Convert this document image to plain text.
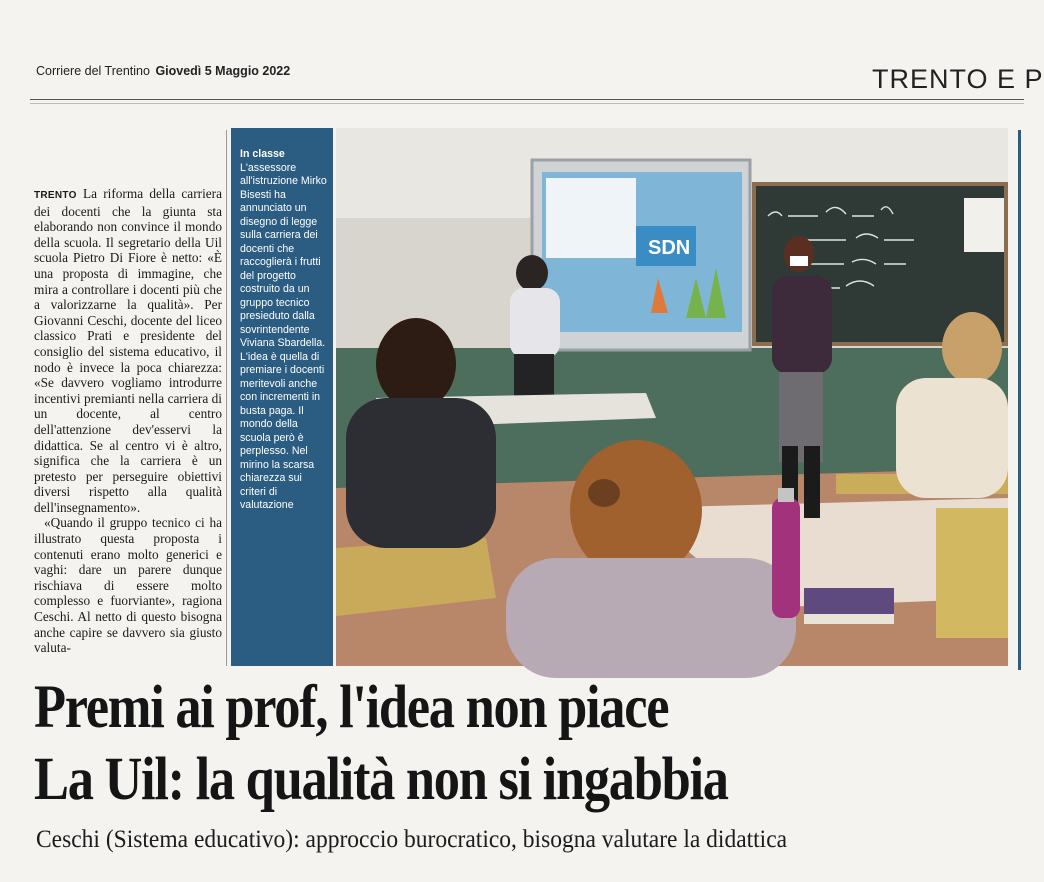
Corriere del Trentino Giovedì 5 Maggio 2022	TRENTO E P

TRENTO La riforma della carriera dei docenti che la giunta sta elaborando non convince il mondo della scuola. Il segretario della Uil scuola Pietro Di Fiore è netto: «È una proposta di immagine, che mira a controllare i docenti più che a valorizzarne la qualità». Per Giovanni Ceschi, docente del liceo classico Prati e presidente del consiglio del sistema educativo, il nodo è invece la poca chiarezza: «Se davvero vogliamo introdurre incentivi premianti nella carriera di un docente, al centro dell'attenzione dev'esservi la didattica. Se al centro vi è altro, significa che la carriera è un pretesto per perseguire obiettivi diversi rispetto alla qualità dell'insegnamento».

«Quando il gruppo tecnico ci ha illustrato questa proposta i contenuti erano molto generici e vaghi: dare un parere dunque rischiava di essere molto complesso e fuorviante», ragiona Ceschi. Al netto di questo bisogna anche capire se davvero sia giusto valuta-

In classe
L'assessore all'istruzione Mirko Bisesti ha annunciato un disegno di legge sulla carriera dei docenti che raccoglierà i frutti del progetto costruito da un gruppo tecnico presieduto dalla sovrintendente Viviana Sbardella. L'idea è quella di premiare i docenti meritevoli anche con incrementi in busta paga. Il mondo della scuola però è perplesso. Nel mirino la scarsa chiarezza sui criteri di valutazione
SDN
Premi ai prof, l'idea non piace
La Uil: la qualità non si ingabbia
Ceschi (Sistema educativo): approccio burocratico, bisogna valutare la didattica
